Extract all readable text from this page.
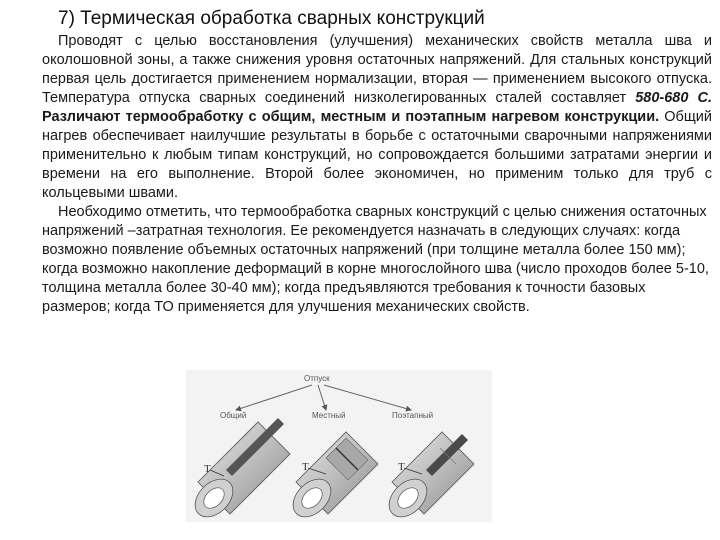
7) Термическая обработка сварных конструкций

Проводят с целью восстановления (улучшения) механических свойств металла шва и околошовной зоны, а также снижения уровня остаточных напряжений. Для стальных конструкций первая цель достигается применением нормализации, вторая — применением высокого отпуска. Температура отпуска сварных соединений низколегированных сталей составляет 580-680 С. Различают термообработку с общим, местным и поэтапным нагревом конструкции. Общий нагрев обеспечивает наилучшие результаты в борьбе с остаточными сварочными напряжениями применительно к любым типам конструкций, но сопровождается большими затратами энергии и времени на его выполнение. Второй более экономичен, но применим только для труб с кольцевыми швами.

Необходимо отметить, что термообработка сварных конструкций с целью снижения остаточных напряжений –затратная технология. Ее рекомендуется назначать в следующих случаях: когда возможно появление объемных остаточных напряжений (при толщине металла более 150 мм); когда возможно накопление деформаций в корне многослойного шва (число проходов более 5-10, толщина металла более 30-40 мм); когда предъявляются требования к точности базовых размеров; когда ТО применяется для улучшения механических свойств.

Отпуск
Общий	Местный	Поэтапный
T	T	T
